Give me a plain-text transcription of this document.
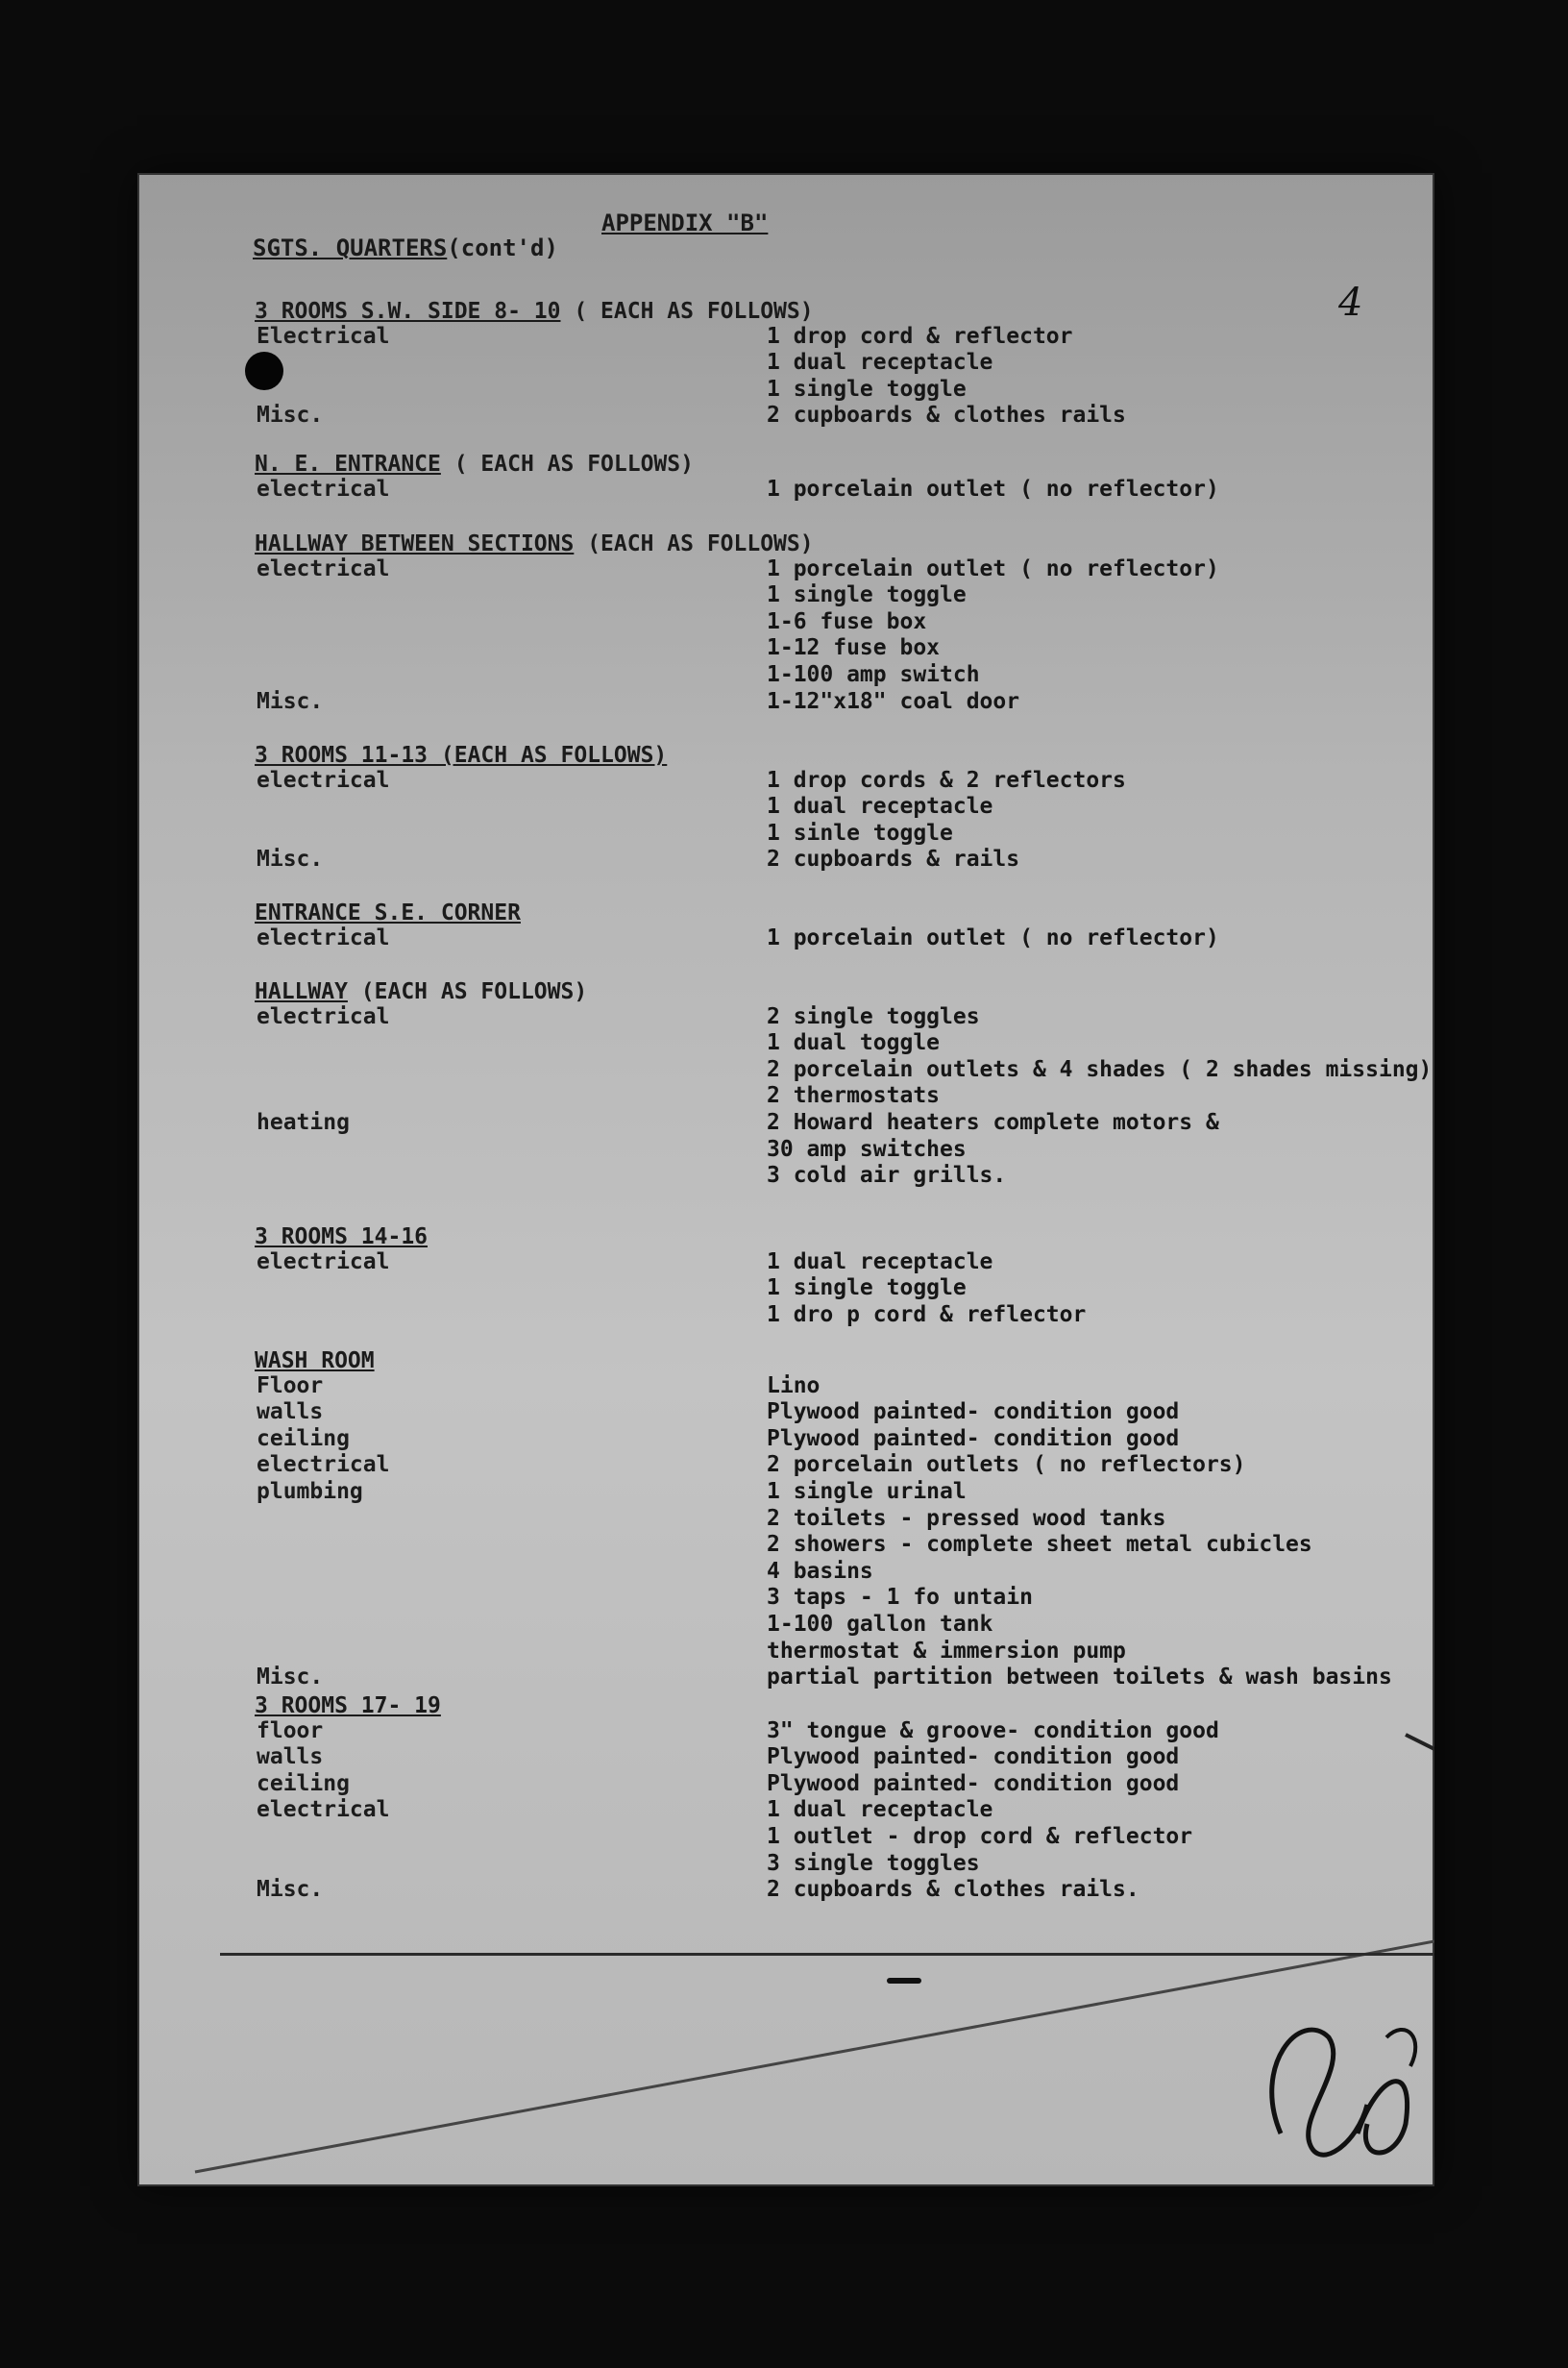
APPENDIX "B"
SGTS. QUARTERS(cont'd)
4
3 ROOMS S.W. SIDE 8- 10 ( EACH AS FOLLOWS)
Electrical	1 drop cord & reflector
1 dual receptacle
1 single toggle
Misc.	2 cupboards & clothes rails
N. E. ENTRANCE ( EACH AS FOLLOWS)
electrical	1 porcelain outlet ( no reflector)
HALLWAY BETWEEN SECTIONS (EACH AS FOLLOWS)
electrical	1 porcelain outlet ( no reflector)
1 single toggle
1-6 fuse box
1-12 fuse box
1-100 amp switch
Misc.	1-12"x18" coal door
3 ROOMS 11-13 (EACH AS FOLLOWS)
electrical	1 drop cords & 2 reflectors
1 dual receptacle
1 sinle toggle
Misc.	2 cupboards & rails
ENTRANCE S.E. CORNER
electrical	1 porcelain outlet ( no reflector)
HALLWAY (EACH AS FOLLOWS)
electrical	2 single toggles
1 dual toggle
2 porcelain outlets & 4 shades ( 2 shades missing)
2 thermostats
heating	2 Howard heaters complete motors &
30 amp switches
3 cold air grills.
3 ROOMS 14-16
electrical	1 dual receptacle
1 single toggle
1 dro p cord & reflector
WASH ROOM
Floor	Lino
walls	Plywood painted- condition good
ceiling	Plywood painted- condition good
electrical	2 porcelain outlets ( no reflectors)
plumbing	1 single urinal
2 toilets - pressed wood tanks
2 showers - complete sheet metal cubicles
4 basins
3 taps - 1 fo untain
1-100 gallon tank
thermostat & immersion pump
Misc.	partial partition between toilets & wash basins
3 ROOMS 17- 19
floor	3" tongue & groove- condition good
walls	Plywood painted- condition good
ceiling	Plywood painted- condition good
electrical	1 dual receptacle
1 outlet - drop cord & reflector
3 single toggles
Misc.	2 cupboards & clothes rails.
